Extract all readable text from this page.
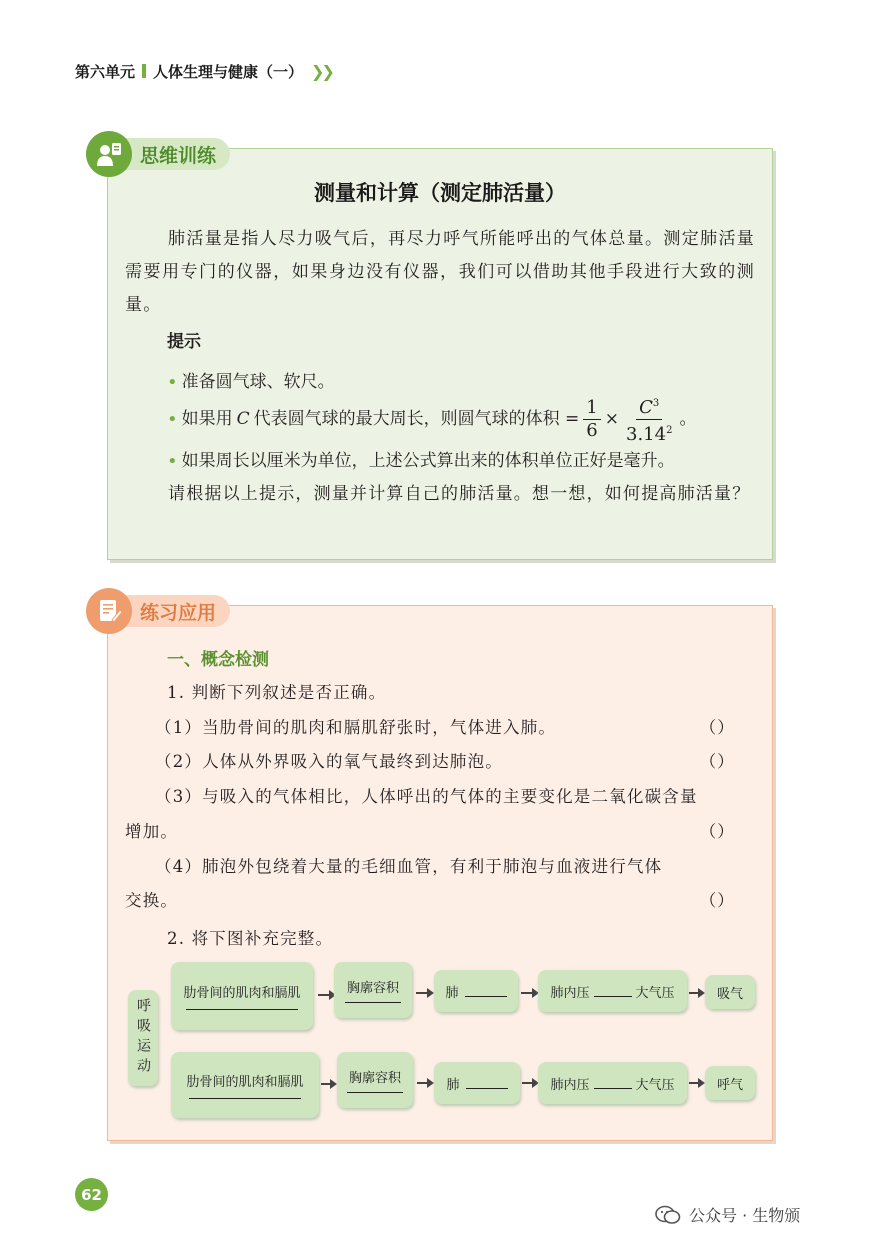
第六单元 人体生理与健康（一） ❯❯
思维训练
测量和计算（测定肺活量）
肺活量是指人尽力吸气后，再尽力呼气所能呼出的气体总量。测定肺活量需要用专门的仪器，如果身边没有仪器，我们可以借助其他手段进行大致的测量。
提示
• 准备圆气球、软尺。
• 如果用 C 代表圆气球的最大周长，则圆气球的体积 = $\frac{1}{6} \times \frac{C^3}{3.14^2}$ 。
• 如果周长以厘米为单位，上述公式算出来的体积单位正好是毫升。
请根据以上提示，测量并计算自己的肺活量。想一想，如何提高肺活量？
练习应用
一、概念检测
1. 判断下列叙述是否正确。
（1）当肋骨间的肌肉和膈肌舒张时，气体进入肺。	（）
（2）人体从外界吸入的氧气最终到达肺泡。	（）
（3）与吸入的气体相比，人体呼出的气体的主要变化是二氧化碳含量
增加。	（）
（4）肺泡外包绕着大量的毛细血管，有利于肺泡与血液进行气体
交换。	（）
2. 将下图补充完整。
呼吸运动
肋骨间的肌肉和膈肌	胸廓容积	肺	肺内压	大气压	吸气
肋骨间的肌肉和膈肌	胸廓容积	肺	肺内压	大气压	呼气
62
公众号 · 生物颁
